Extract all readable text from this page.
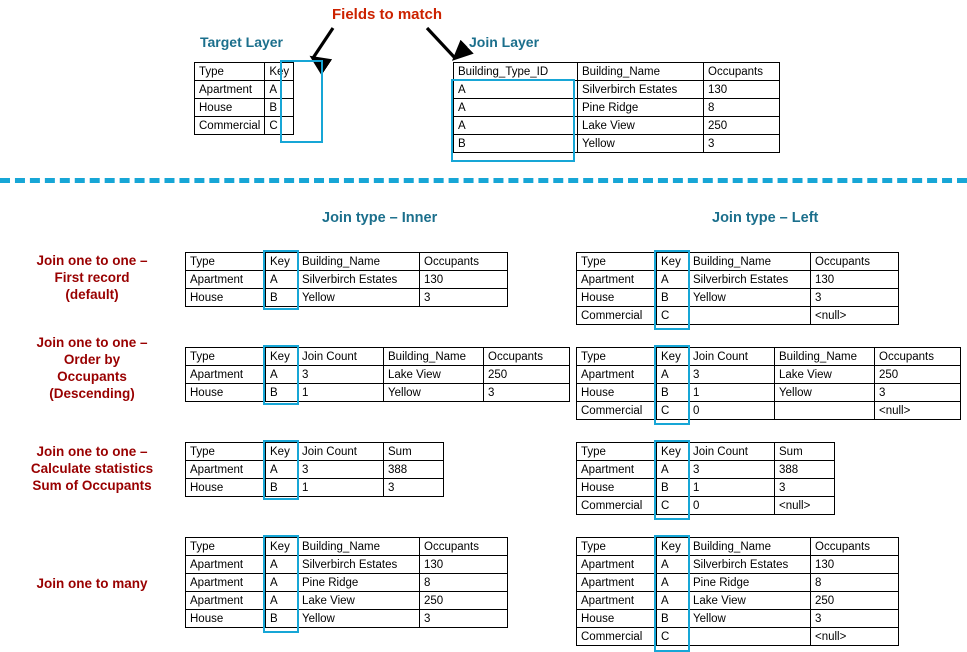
Fields to match
Target Layer	Join Layer
Type	Key
Apartment	A
House	B
Commercial	C
Building_Type_ID	Building_Name	Occupants
A	Silverbirch Estates	130
A	Pine Ridge	8
A	Lake View	250
B	Yellow	3
Join type – Inner	Join type – Left
Join one to one –
First record
(default)
Join one to one –
Order by
Occupants
(Descending)
Join one to one –
Calculate statistics
Sum of Occupants
Join one to many
Type	Key	Building_Name	Occupants
Apartment	A	Silverbirch Estates	130
House	B	Yellow	3
Type	Key	Building_Name	Occupants
Apartment	A	Silverbirch Estates	130
House	B	Yellow	3
Commercial	C		<null>
Type	Key	Join Count	Building_Name	Occupants
Apartment	A	3	Lake View	250
House	B	1	Yellow	3
Type	Key	Join Count	Building_Name	Occupants
Apartment	A	3	Lake View	250
House	B	1	Yellow	3
Commercial	C	0		<null>
Type	Key	Join Count	Sum
Apartment	A	3	388
House	B	1	3
Type	Key	Join Count	Sum
Apartment	A	3	388
House	B	1	3
Commercial	C	0	<null>
Type	Key	Building_Name	Occupants
Apartment	A	Silverbirch Estates	130
Apartment	A	Pine Ridge	8
Apartment	A	Lake View	250
House	B	Yellow	3
Type	Key	Building_Name	Occupants
Apartment	A	Silverbirch Estates	130
Apartment	A	Pine Ridge	8
Apartment	A	Lake View	250
House	B	Yellow	3
Commercial	C		<null>
